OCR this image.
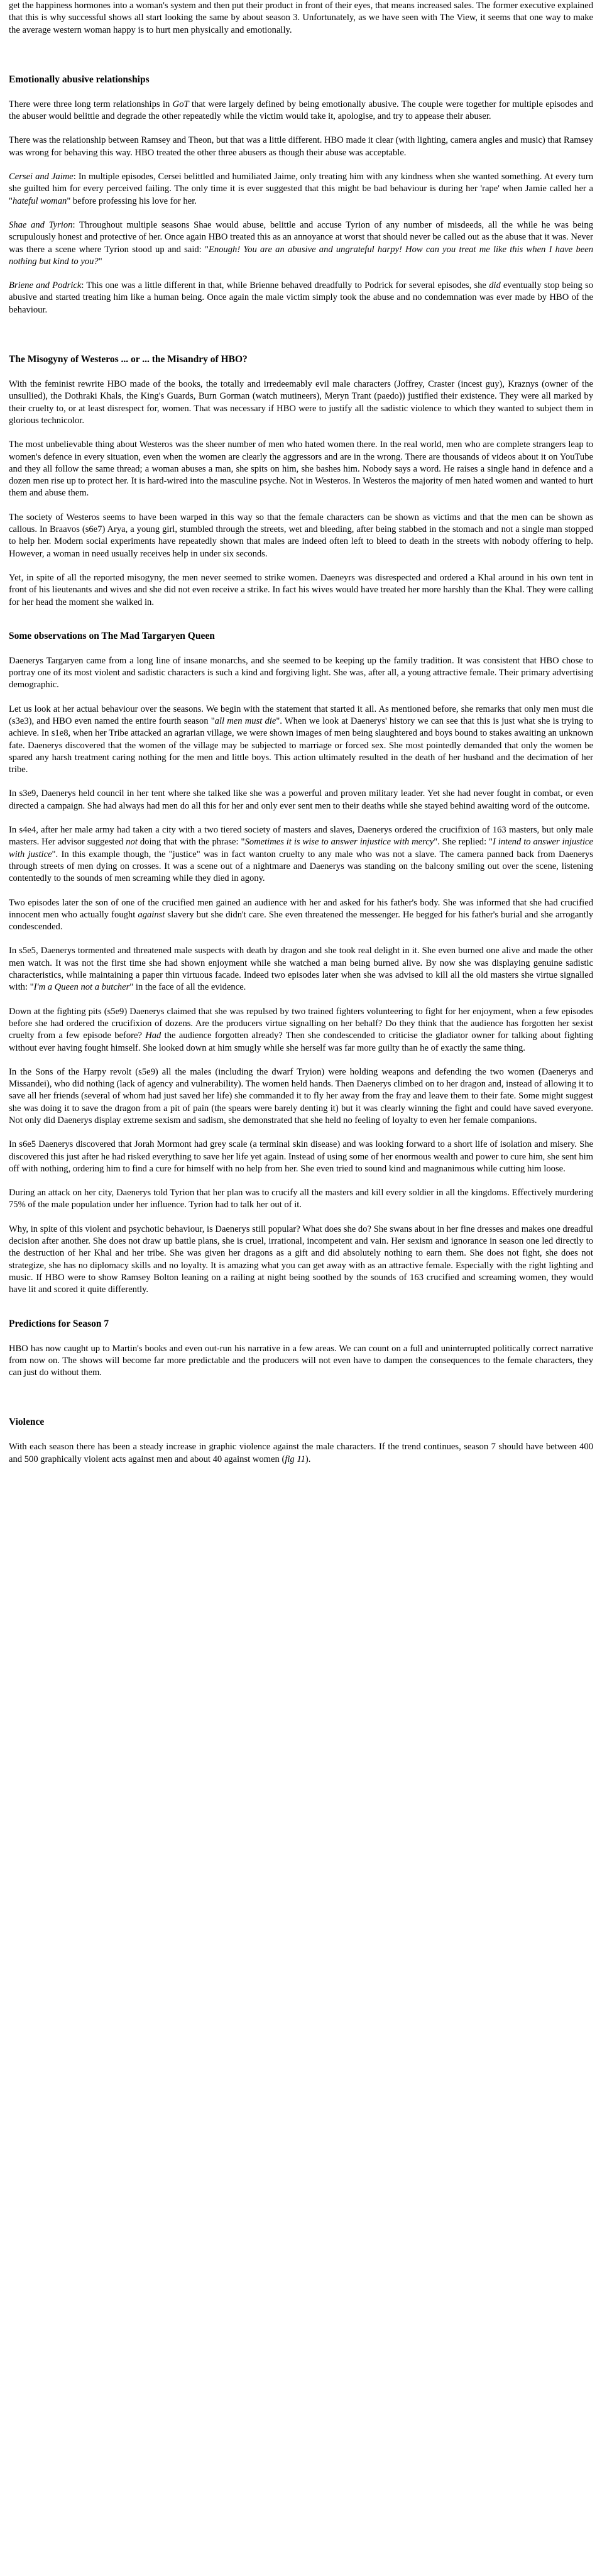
get the happiness hormones into a woman's system and then put their product in front of their eyes, that means increased sales. The former executive explained that this is why successful shows all start looking the same by about season 3. Unfortunately, as we have seen with The View, it seems that one way to make the average western woman happy is to hurt men physically and emotionally.

Emotionally abusive relationships

There were three long term relationships in GoT that were largely defined by being emotionally abusive. The couple were together for multiple episodes and the abuser would belittle and degrade the other repeatedly while the victim would take it, apologise, and try to appease their abuser.

There was the relationship between Ramsey and Theon, but that was a little different. HBO made it clear (with lighting, camera angles and music) that Ramsey was wrong for behaving this way. HBO treated the other three abusers as though their abuse was acceptable.

Cersei and Jaime: In multiple episodes, Cersei belittled and humiliated Jaime, only treating him with any kindness when she wanted something. At every turn she guilted him for every perceived failing. The only time it is ever suggested that this might be bad behaviour is during her 'rape' when Jamie called her a "hateful woman" before professing his love for her.

Shae and Tyrion: Throughout multiple seasons Shae would abuse, belittle and accuse Tyrion of any number of misdeeds, all the while he was being scrupulously honest and protective of her. Once again HBO treated this as an annoyance at worst that should never be called out as the abuse that it was. Never was there a scene where Tyrion stood up and said: "Enough! You are an abusive and ungrateful harpy! How can you treat me like this when I have been nothing but kind to you?"

Briene and Podrick: This one was a little different in that, while Brienne behaved dreadfully to Podrick for several episodes, she did eventually stop being so abusive and started treating him like a human being. Once again the male victim simply took the abuse and no condemnation was ever made by HBO of the behaviour.

The Misogyny of Westeros ... or ... the Misandry of HBO?

With the feminist rewrite HBO made of the books, the totally and irredeemably evil male characters (Joffrey, Craster (incest guy), Kraznys (owner of the unsullied), the Dothraki Khals, the King's Guards, Burn Gorman (watch mutineers), Meryn Trant (paedo)) justified their existence. They were all marked by their cruelty to, or at least disrespect for, women. That was necessary if HBO were to justify all the sadistic violence to which they wanted to subject them in glorious technicolor.

The most unbelievable thing about Westeros was the sheer number of men who hated women there. In the real world, men who are complete strangers leap to women's defence in every situation, even when the women are clearly the aggressors and are in the wrong. There are thousands of videos about it on YouTube and they all follow the same thread; a woman abuses a man, she spits on him, she bashes him. Nobody says a word. He raises a single hand in defence and a dozen men rise up to protect her. It is hard-wired into the masculine psyche. Not in Westeros. In Westeros the majority of men hated women and wanted to hurt them and abuse them.

The society of Westeros seems to have been warped in this way so that the female characters can be shown as victims and that the men can be shown as callous. In Braavos (s6e7) Arya, a young girl, stumbled through the streets, wet and bleeding, after being stabbed in the stomach and not a single man stopped to help her. Modern social experiments have repeatedly shown that males are indeed often left to bleed to death in the streets with nobody offering to help. However, a woman in need usually receives help in under six seconds.

Yet, in spite of all the reported misogyny, the men never seemed to strike women. Daeneyrs was disrespected and ordered a Khal around in his own tent in front of his lieutenants and wives and she did not even receive a strike. In fact his wives would have treated her more harshly than the Khal. They were calling for her head the moment she walked in.

Some observations on The Mad Targaryen Queen

Daenerys Targaryen came from a long line of insane monarchs, and she seemed to be keeping up the family tradition. It was consistent that HBO chose to portray one of its most violent and sadistic characters is such a kind and forgiving light. She was, after all, a young attractive female. Their primary advertising demographic.

Let us look at her actual behaviour over the seasons. We begin with the statement that started it all. As mentioned before, she remarks that only men must die (s3e3), and HBO even named the entire fourth season "all men must die". When we look at Daenerys' history we can see that this is just what she is trying to achieve. In s1e8, when her Tribe attacked an agrarian village, we were shown images of men being slaughtered and boys bound to stakes awaiting an unknown fate. Daenerys discovered that the women of the village may be subjected to marriage or forced sex. She most pointedly demanded that only the women be spared any harsh treatment caring nothing for the men and little boys. This action ultimately resulted in the death of her husband and the decimation of her tribe.

In s3e9, Daenerys held council in her tent where she talked like she was a powerful and proven military leader. Yet she had never fought in combat, or even directed a campaign. She had always had men do all this for her and only ever sent men to their deaths while she stayed behind awaiting word of the outcome.

In s4e4, after her male army had taken a city with a two tiered society of masters and slaves, Daenerys ordered the crucifixion of 163 masters, but only male masters. Her advisor suggested not doing that with the phrase: "Sometimes it is wise to answer injustice with mercy". She replied: "I intend to answer injustice with justice". In this example though, the "justice" was in fact wanton cruelty to any male who was not a slave. The camera panned back from Daenerys through streets of men dying on crosses. It was a scene out of a nightmare and Daenerys was standing on the balcony smiling out over the scene, listening contentedly to the sounds of men screaming while they died in agony.

Two episodes later the son of one of the crucified men gained an audience with her and asked for his father's body. She was informed that she had crucified innocent men who actually fought against slavery but she didn't care. She even threatened the messenger. He begged for his father's burial and she arrogantly condescended.

In s5e5, Daenerys tormented and threatened male suspects with death by dragon and she took real delight in it. She even burned one alive and made the other men watch. It was not the first time she had shown enjoyment while she watched a man being burned alive. By now she was displaying genuine sadistic characteristics, while maintaining a paper thin virtuous facade. Indeed two episodes later when she was advised to kill all the old masters she virtue signalled with: "I'm a Queen not a butcher" in the face of all the evidence.

Down at the fighting pits (s5e9) Daenerys claimed that she was repulsed by two trained fighters volunteering to fight for her enjoyment, when a few episodes before she had ordered the crucifixion of dozens. Are the producers virtue signalling on her behalf? Do they think that the audience has forgotten her sexist cruelty from a few episode before? Had the audience forgotten already? Then she condescended to criticise the gladiator owner for talking about fighting without ever having fought himself. She looked down at him smugly while she herself was far more guilty than he of exactly the same thing.

In the Sons of the Harpy revolt (s5e9) all the males (including the dwarf Tryion) were holding weapons and defending the two women (Daenerys and Missandei), who did nothing (lack of agency and vulnerability). The women held hands. Then Daenerys climbed on to her dragon and, instead of allowing it to save all her friends (several of whom had just saved her life) she commanded it to fly her away from the fray and leave them to their fate. Some might suggest she was doing it to save the dragon from a pit of pain (the spears were barely denting it) but it was clearly winning the fight and could have saved everyone. Not only did Daenerys display extreme sexism and sadism, she demonstrated that she held no feeling of loyalty to even her female companions.

In s6e5 Daenerys discovered that Jorah Mormont had grey scale (a terminal skin disease) and was looking forward to a short life of isolation and misery. She discovered this just after he had risked everything to save her life yet again. Instead of using some of her enormous wealth and power to cure him, she sent him off with nothing, ordering him to find a cure for himself with no help from her. She even tried to sound kind and magnanimous while cutting him loose.

During an attack on her city, Daenerys told Tyrion that her plan was to crucify all the masters and kill every soldier in all the kingdoms. Effectively murdering 75% of the male population under her influence. Tyrion had to talk her out of it.

Why, in spite of this violent and psychotic behaviour, is Daenerys still popular? What does she do? She swans about in her fine dresses and makes one dreadful decision after another. She does not draw up battle plans, she is cruel, irrational, incompetent and vain. Her sexism and ignorance in season one led directly to the destruction of her Khal and her tribe. She was given her dragons as a gift and did absolutely nothing to earn them. She does not fight, she does not strategize, she has no diplomacy skills and no loyalty. It is amazing what you can get away with as an attractive female. Especially with the right lighting and music. If HBO were to show Ramsey Bolton leaning on a railing at night being soothed by the sounds of 163 crucified and screaming women, they would have lit and scored it quite differently.

Predictions for Season 7

HBO has now caught up to Martin's books and even out-run his narrative in a few areas. We can count on a full and uninterrupted politically correct narrative from now on. The shows will become far more predictable and the producers will not even have to dampen the consequences to the female characters, they can just do without them.

Violence

With each season there has been a steady increase in graphic violence against the male characters. If the trend continues, season 7 should have between 400 and 500 graphically violent acts against men and about 40 against women (fig 11).
